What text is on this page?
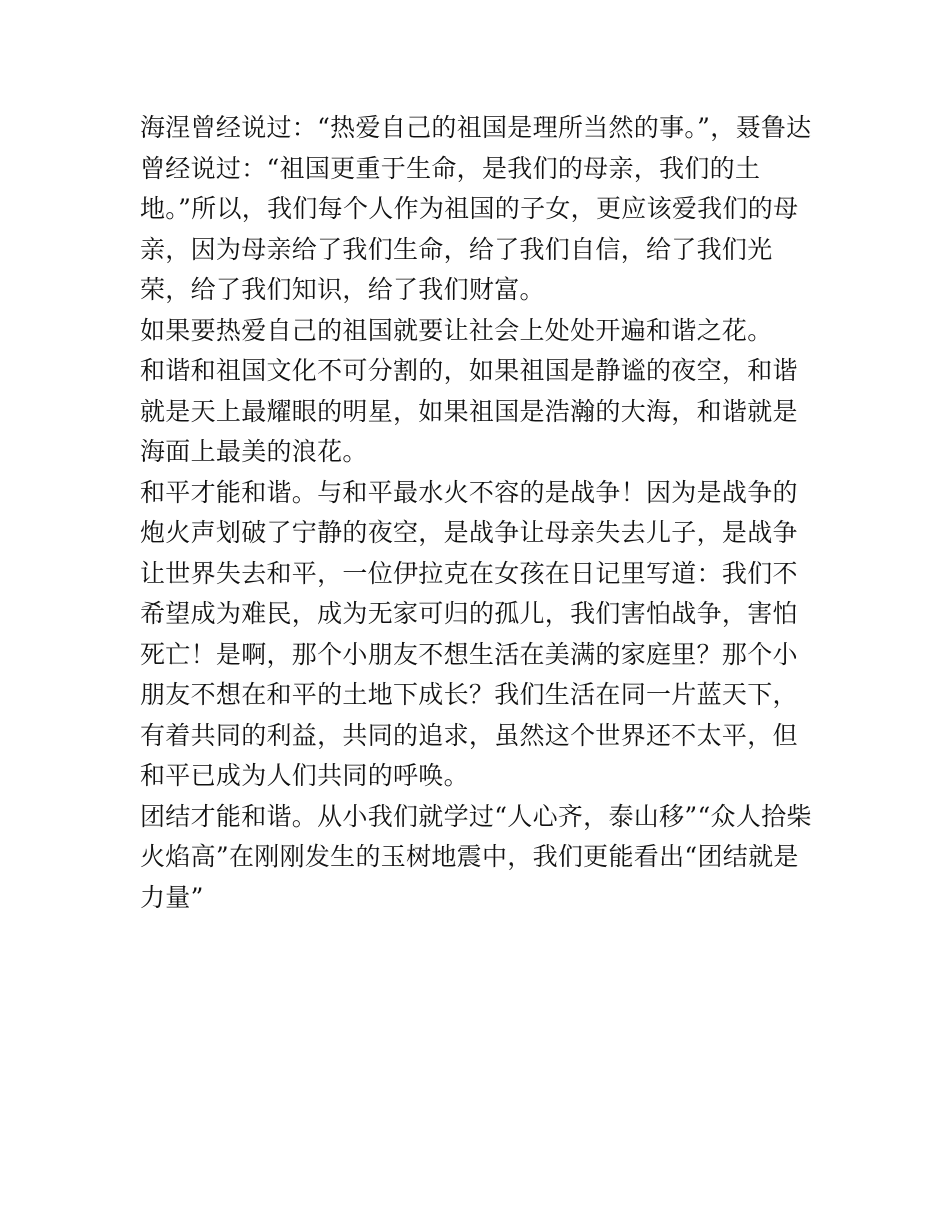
海涅曾经说过：“热爱自己的祖国是理所当然的事。”，聂鲁达曾经说过：“祖国更重于生命，是我们的母亲，我们的土地。”所以，我们每个人作为祖国的子女，更应该爱我们的母亲，因为母亲给了我们生命，给了我们自信，给了我们光荣，给了我们知识，给了我们财富。

如果要热爱自己的祖国就要让社会上处处开遍和谐之花。

和谐和祖国文化不可分割的，如果祖国是静谧的夜空，和谐就是天上最耀眼的明星，如果祖国是浩瀚的大海，和谐就是海面上最美的浪花。

和平才能和谐。与和平最水火不容的是战争！因为是战争的炮火声划破了宁静的夜空，是战争让母亲失去儿子，是战争让世界失去和平，一位伊拉克在女孩在日记里写道：我们不希望成为难民，成为无家可归的孤儿，我们害怕战争，害怕死亡！是啊，那个小朋友不想生活在美满的家庭里？那个小朋友不想在和平的土地下成长？我们生活在同一片蓝天下，有着共同的利益，共同的追求，虽然这个世界还不太平，但和平已成为人们共同的呼唤。

团结才能和谐。从小我们就学过“人心齐，泰山移”“众人拾柴火焰高”在刚刚发生的玉树地震中，我们更能看出“团结就是力量”
